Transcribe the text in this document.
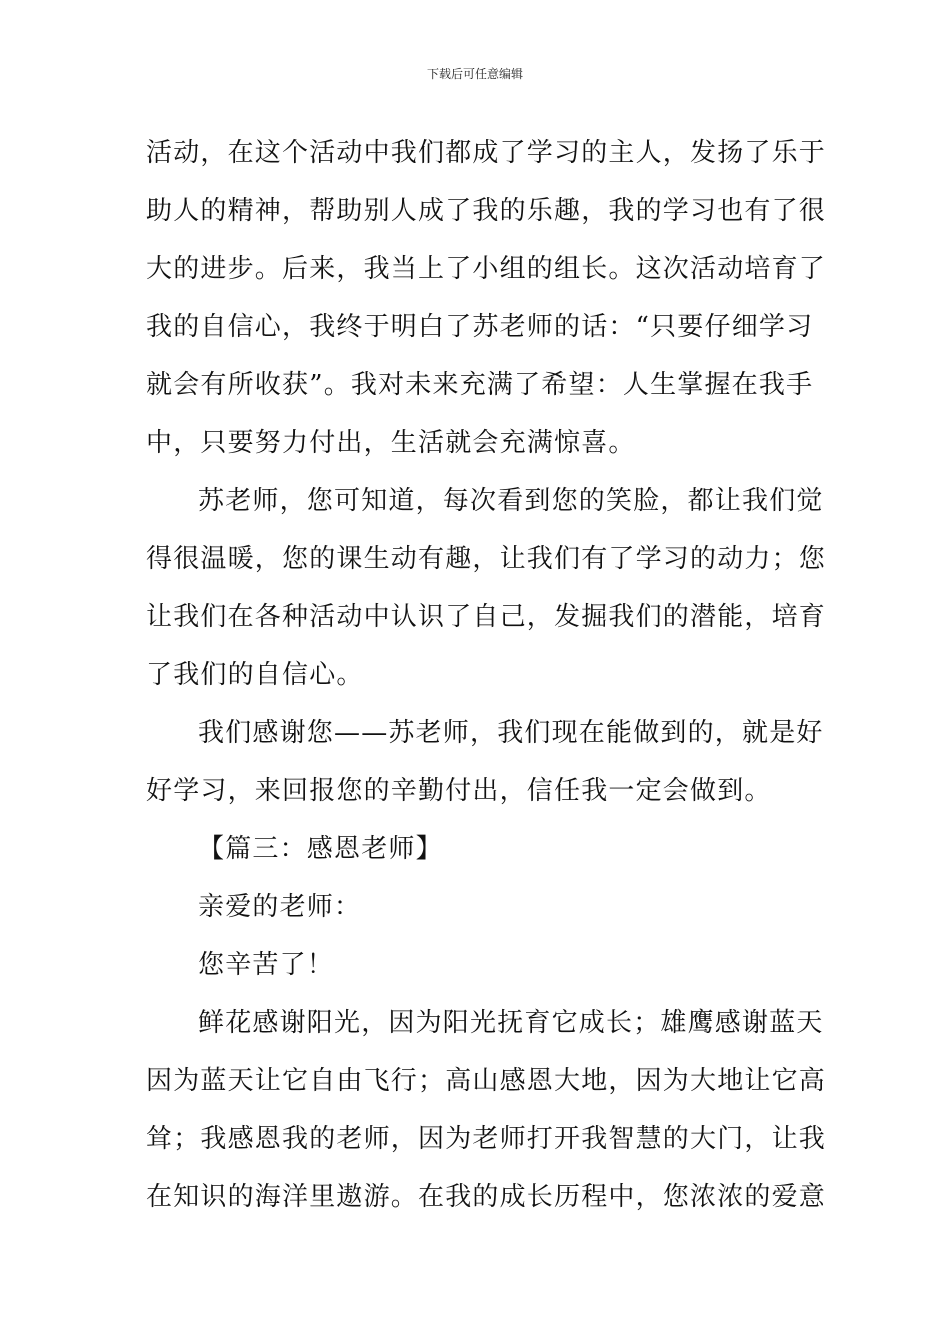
下载后可任意编辑
活动，在这个活动中我们都成了学习的主人，发扬了乐于
助人的精神，帮助别人成了我的乐趣，我的学习也有了很
大的进步。后来，我当上了小组的组长。这次活动培育了
我的自信心，我终于明白了苏老师的话：“只要仔细学习
就会有所收获”。我对未来充满了希望：人生掌握在我手
中，只要努力付出，生活就会充满惊喜。
苏老师，您可知道，每次看到您的笑脸，都让我们觉
得很温暖，您的课生动有趣，让我们有了学习的动力；您
让我们在各种活动中认识了自己，发掘我们的潜能，培育
了我们的自信心。
我们感谢您——苏老师，我们现在能做到的，就是好
好学习，来回报您的辛勤付出，信任我一定会做到。
【篇三：感恩老师】
亲爱的老师：
您辛苦了！
鲜花感谢阳光，因为阳光抚育它成长；雄鹰感谢蓝天
因为蓝天让它自由飞行；高山感恩大地，因为大地让它高
耸；我感恩我的老师，因为老师打开我智慧的大门，让我
在知识的海洋里遨游。在我的成长历程中，您浓浓的爱意
